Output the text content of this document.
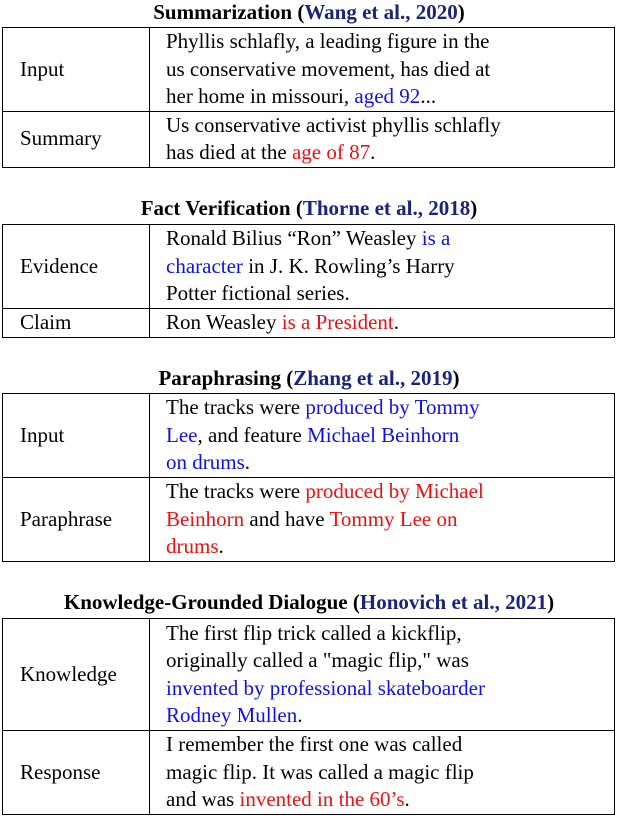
Summarization (Wang et al., 2020)
Input	Phyllis schlafly, a leading figure in the
us conservative movement, has died at
her home in missouri, aged 92...

Summary	Us conservative activist phyllis schlafly
has died at the age of 87.
Fact Verification (Thorne et al., 2018)
Evidence	Ronald Bilius “Ron” Weasley is a
character in J. K. Rowling’s Harry
Potter fictional series.

Claim	Ron Weasley is a President.
Paraphrasing (Zhang et al., 2019)
Input	The tracks were produced by Tommy
Lee, and feature Michael Beinhorn
on drums.

Paraphrase	The tracks were produced by Michael
Beinhorn and have Tommy Lee on
drums.
Knowledge-Grounded Dialogue (Honovich et al., 2021)
Knowledge	The first flip trick called a kickflip,
originally called a "magic flip," was
invented by professional skateboarder
Rodney Mullen.

Response	I remember the first one was called
magic flip. It was called a magic flip
and was invented in the 60’s.
